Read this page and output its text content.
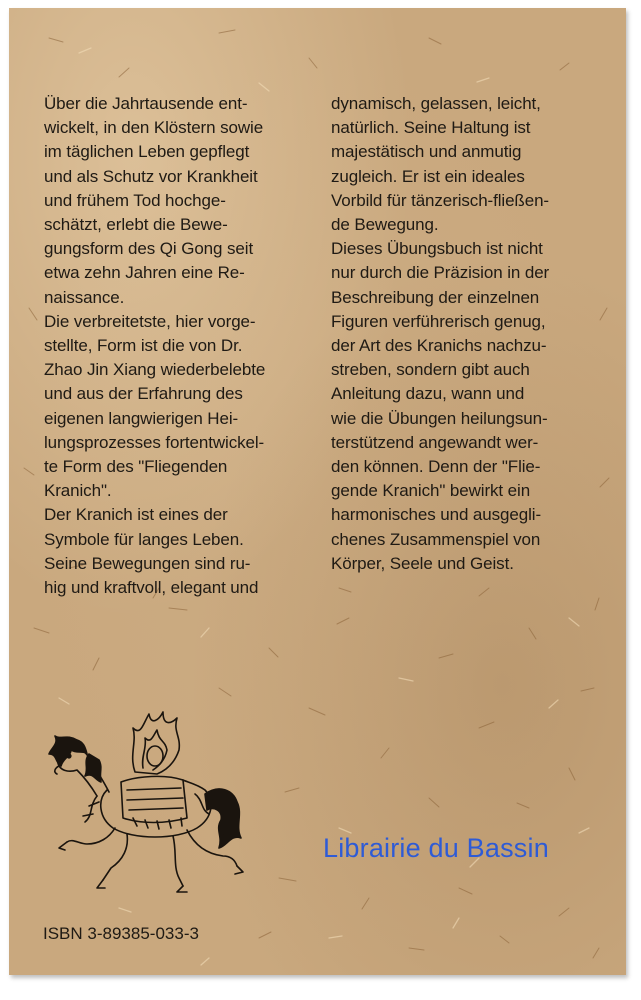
Über die Jahrtausende ent-
wickelt, in den Klöstern sowie
im täglichen Leben gepflegt
und als Schutz vor Krankheit
und frühem Tod hochge-
schätzt, erlebt die Bewe-
gungsform des Qi Gong seit
etwa zehn Jahren eine Re-
naissance.
Die verbreitetste, hier vorge-
stellte, Form ist die von Dr.
Zhao Jin Xiang wiederbelebte
und aus der Erfahrung des
eigenen langwierigen Hei-
lungsprozesses fortentwickel-
te Form des "Fliegenden
Kranich".
Der Kranich ist eines der
Symbole für langes Leben.
Seine Bewegungen sind ru-
hig und kraftvoll, elegant und
dynamisch, gelassen, leicht,
natürlich. Seine Haltung ist
majestätisch und anmutig
zugleich. Er ist ein ideales
Vorbild für tänzerisch-fließen-
de Bewegung.
Dieses Übungsbuch ist nicht
nur durch die Präzision in der
Beschreibung der einzelnen
Figuren verführerisch genug,
der Art des Kranichs nachzu-
streben, sondern gibt auch
Anleitung dazu, wann und
wie die Übungen heilungsun-
terstützend angewandt wer-
den können. Denn der "Flie-
gende Kranich" bewirkt ein
harmonisches und ausgegli-
chenes Zusammenspiel von
Körper, Seele und Geist.
Librairie du Bassin
ISBN 3-89385-033-3
